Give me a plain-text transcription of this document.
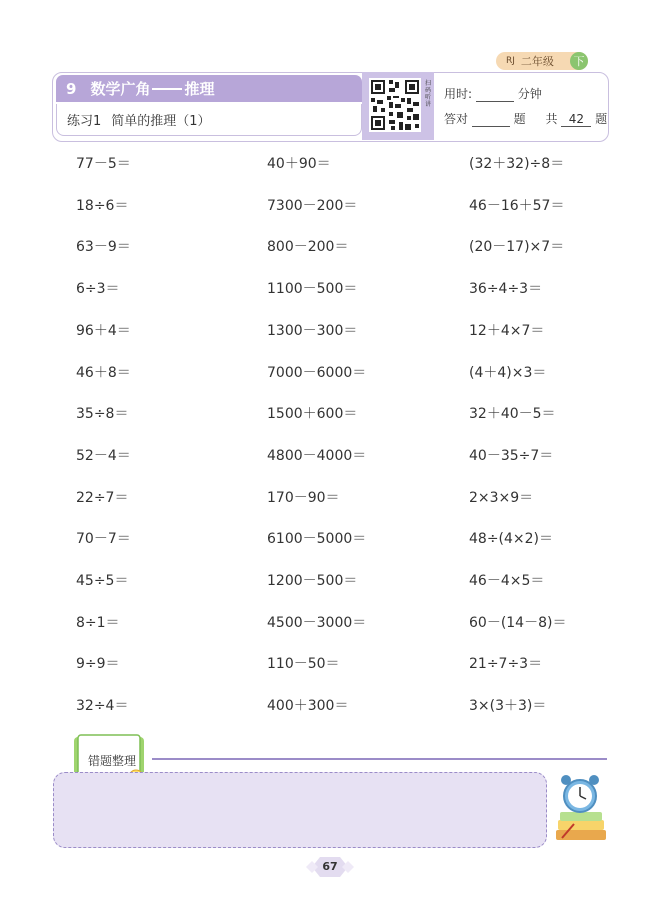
RJ 二年级	下
9 数学广角 推理
练习1 简单的推理（1）
扫码听讲
用时:	分钟
答对	题 共 42 题
77－5＝
18÷6＝
63－9＝
6÷3＝
96＋4＝
46＋8＝
35÷8＝
52－4＝
22÷7＝
70－7＝
45÷5＝
8÷1＝
9÷9＝
32÷4＝
40＋90＝
7300－200＝
800－200＝
1100－500＝
1300－300＝
7000－6000＝
1500＋600＝
4800－4000＝
170－90＝
6100－5000＝
1200－500＝
4500－3000＝
110－50＝
400＋300＝
(32＋32)÷8＝
46－16＋57＝
(20－17)×7＝
36÷4÷3＝
12＋4×7＝
(4＋4)×3＝
32＋40－5＝
40－35÷7＝
2×3×9＝
48÷(4×2)＝
46－4×5＝
60－(14－8)＝
21÷7÷3＝
3×(3＋3)＝
错题整理
67
